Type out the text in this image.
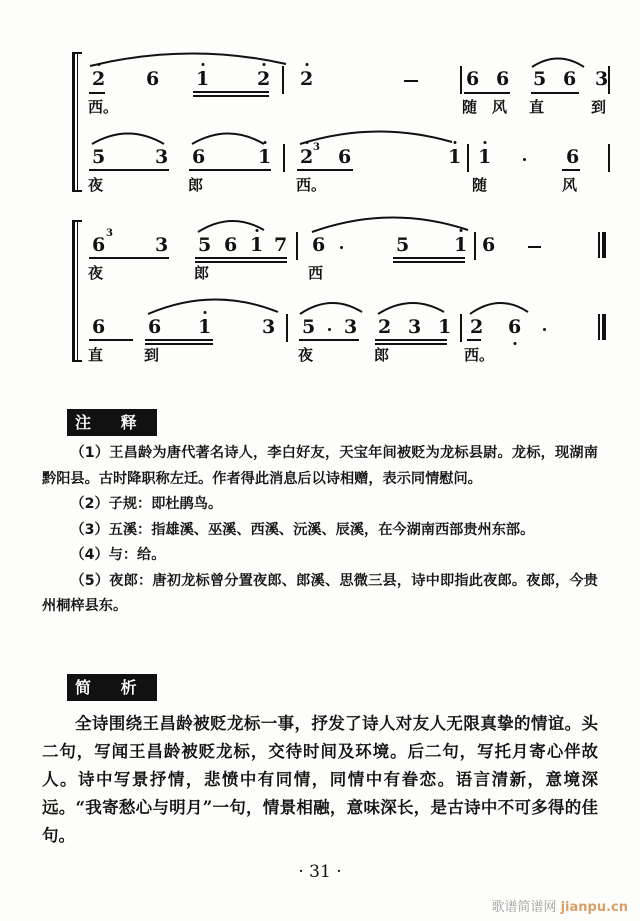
2
西。
6 1	2 2	6 6
随 风
5 6 3
直	到
5	3
夜
6	1
郎
2 3 6
西。
1 1
随
6
风
6
3
3
夜
5 6 1 7
郎
6
西
5 1 6
6
直
6 1
到
3 5 3
夜
2 3 1
郎
2 6
西。
注 释

（1）王昌龄为唐代著名诗人，李白好友，天宝年间被贬为龙标县尉。龙标，现湖南黔阳县。古时降职称左迁。作者得此消息后以诗相赠，表示同情慰问。

（2）子规：即杜鹃鸟。

（3）五溪：指雄溪、巫溪、西溪、沅溪、辰溪，在今湖南西部贵州东部。

（4）与：给。

（5）夜郎：唐初龙标曾分置夜郎、郎溪、思微三县，诗中即指此夜郎。夜郎，今贵州桐梓县东。

简 析

全诗围绕王昌龄被贬龙标一事，抒发了诗人对友人无限真挚的情谊。头二句，写闻王昌龄被贬龙标，交待时间及环境。后二句，写托月寄心伴故人。诗中写景抒情，悲愤中有同情，同情中有眷恋。语言清新，意境深远。“我寄愁心与明月”一句，情景相融，意味深长，是古诗中不可多得的佳句。

· 31 ·
歌谱简谱网 jianpu.cn
